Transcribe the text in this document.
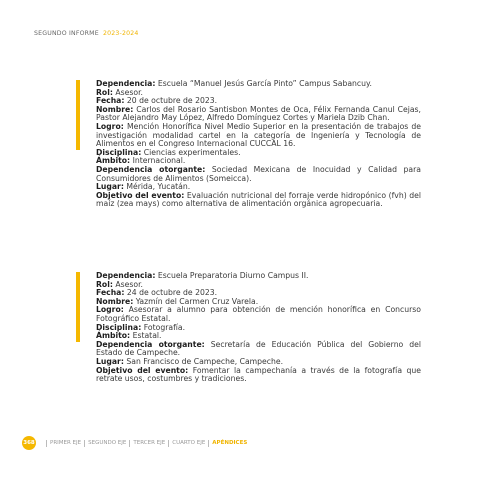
SEGUNDO INFORME 2023-2024

Dependencia: Escuela “Manuel Jesús García Pinto” Campus Sabancuy.

Rol: Asesor.

Fecha: 20 de octubre de 2023.

Nombre: Carlos del Rosario Santisbon Montes de Oca, Félix Fernanda Canul Cejas, Pastor Alejandro May López, Alfredo Domínguez Cortes y Mariela Dzib Chan.

Logro: Mención Honorífica Nivel Medio Superior en la presentación de trabajos de investigación modalidad cartel en la categoría de Ingeniería y Tecnología de Alimentos en el Congreso Internacional CUCCAL 16.

Disciplina: Ciencias experimentales.

Ámbito: Internacional.

Dependencia otorgante: Sociedad Mexicana de Inocuidad y Calidad para Consumidores de Alimentos (Someicca).

Lugar: Mérida, Yucatán.

Objetivo del evento: Evaluación nutricional del forraje verde hidropónico (fvh) del maíz (zea mays) como alternativa de alimentación orgánica agropecuaria.

Dependencia: Escuela Preparatoria Diurno Campus II.

Rol: Asesor.

Fecha: 24 de octubre de 2023.

Nombre: Yazmín del Carmen Cruz Varela.

Logro: Asesorar a alumno para obtención de mención honorífica en Concurso Fotográfico Estatal.

Disciplina: Fotografía.

Ámbito: Estatal.

Dependencia otorgante: Secretaría de Educación Pública del Gobierno del Estado de Campeche.

Lugar: San Francisco de Campeche, Campeche.

Objetivo del evento: Fomentar la campechanía a través de la fotografía que retrate usos, costumbres y tradiciones.

368	PRIMER EJE	SEGUNDO EJE	TERCER EJE	CUARTO EJE	APÉNDICES
